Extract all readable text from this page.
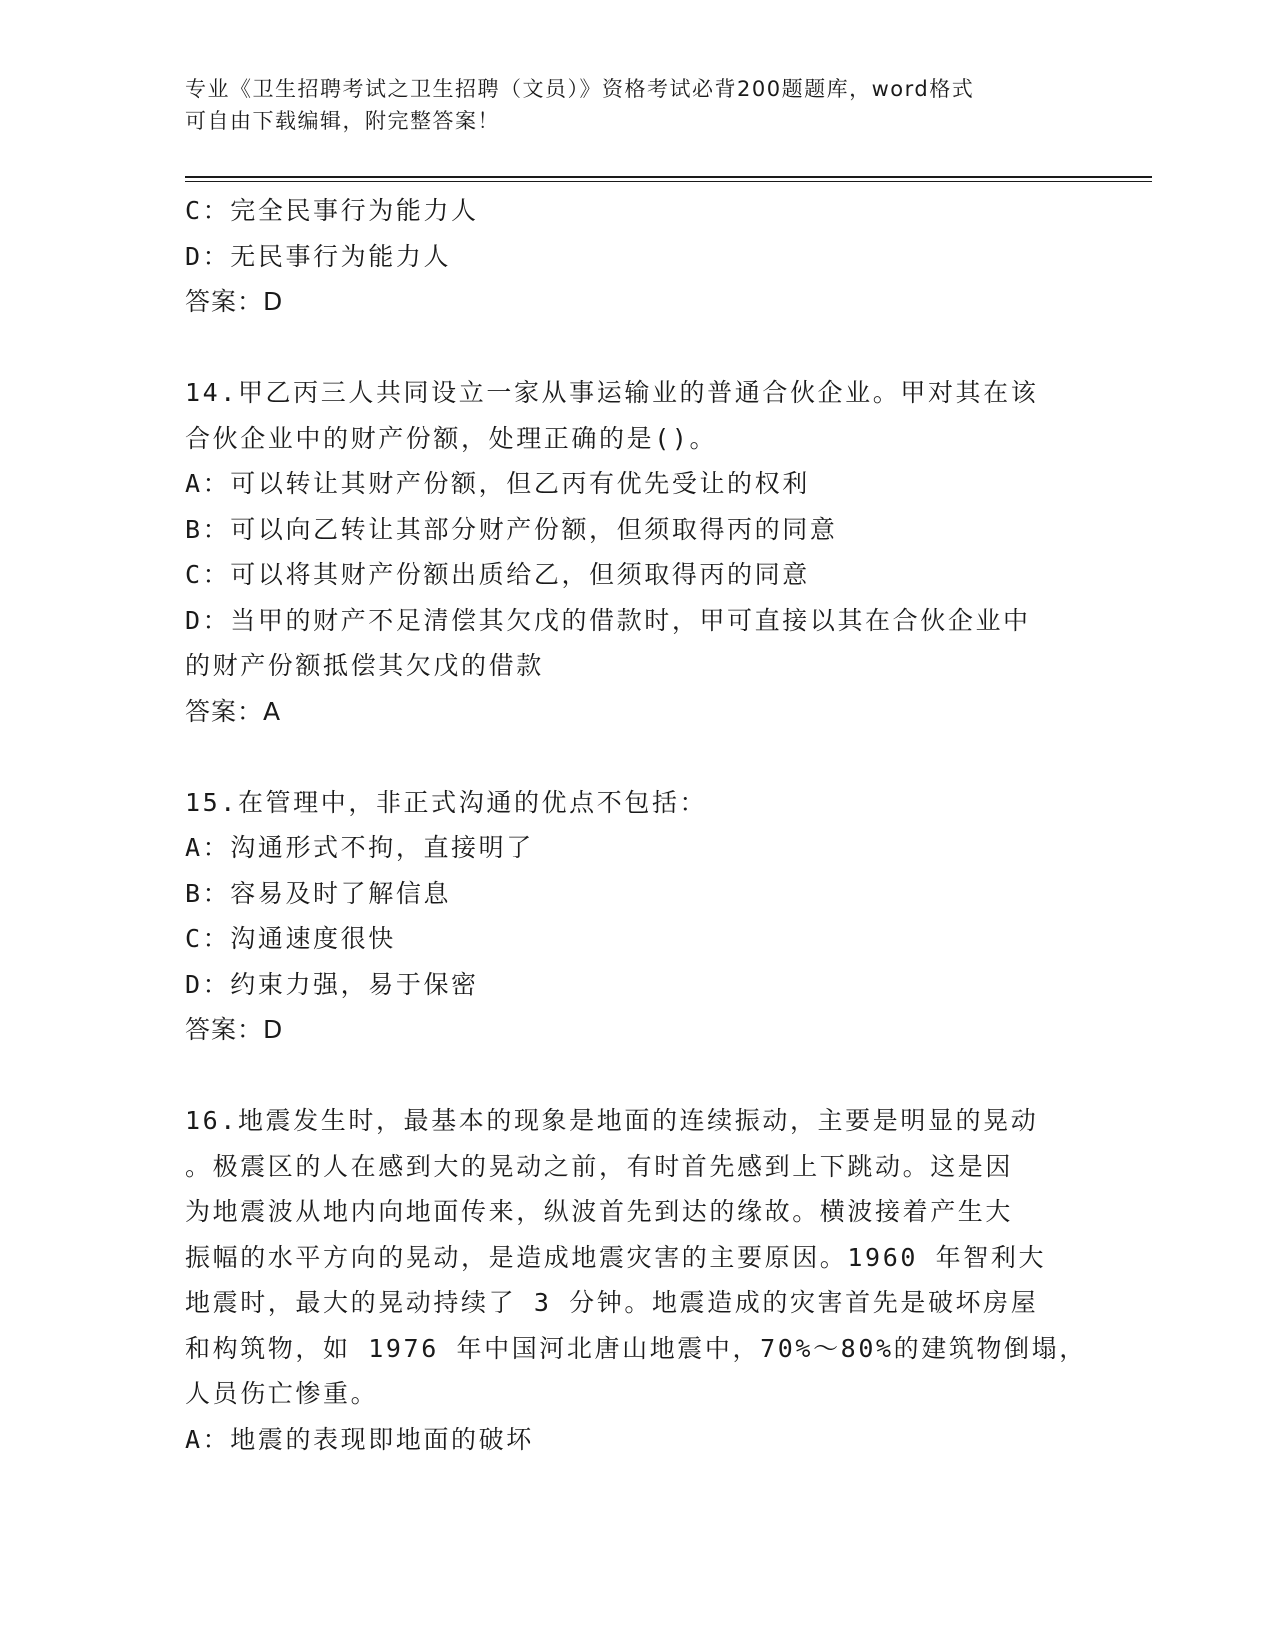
专业《卫生招聘考试之卫生招聘（文员）》资格考试必背200题题库，word格式
可自由下载编辑，附完整答案！
C：完全民事行为能力人
D：无民事行为能力人
答案：D
14.甲乙丙三人共同设立一家从事运输业的普通合伙企业。甲对其在该
合伙企业中的财产份额，处理正确的是()。
A：可以转让其财产份额，但乙丙有优先受让的权利
B：可以向乙转让其部分财产份额，但须取得丙的同意
C：可以将其财产份额出质给乙，但须取得丙的同意
D：当甲的财产不足清偿其欠戊的借款时，甲可直接以其在合伙企业中
的财产份额抵偿其欠戊的借款
答案：A
15.在管理中，非正式沟通的优点不包括：
A：沟通形式不拘，直接明了
B：容易及时了解信息
C：沟通速度很快
D：约束力强，易于保密
答案：D
16.地震发生时，最基本的现象是地面的连续振动，主要是明显的晃动
。极震区的人在感到大的晃动之前，有时首先感到上下跳动。这是因
为地震波从地内向地面传来，纵波首先到达的缘故。横波接着产生大
振幅的水平方向的晃动，是造成地震灾害的主要原因。1960 年智利大
地震时，最大的晃动持续了 3 分钟。地震造成的灾害首先是破坏房屋
和构筑物，如 1976 年中国河北唐山地震中，70%～80%的建筑物倒塌，
人员伤亡惨重。
A：地震的表现即地面的破坏
